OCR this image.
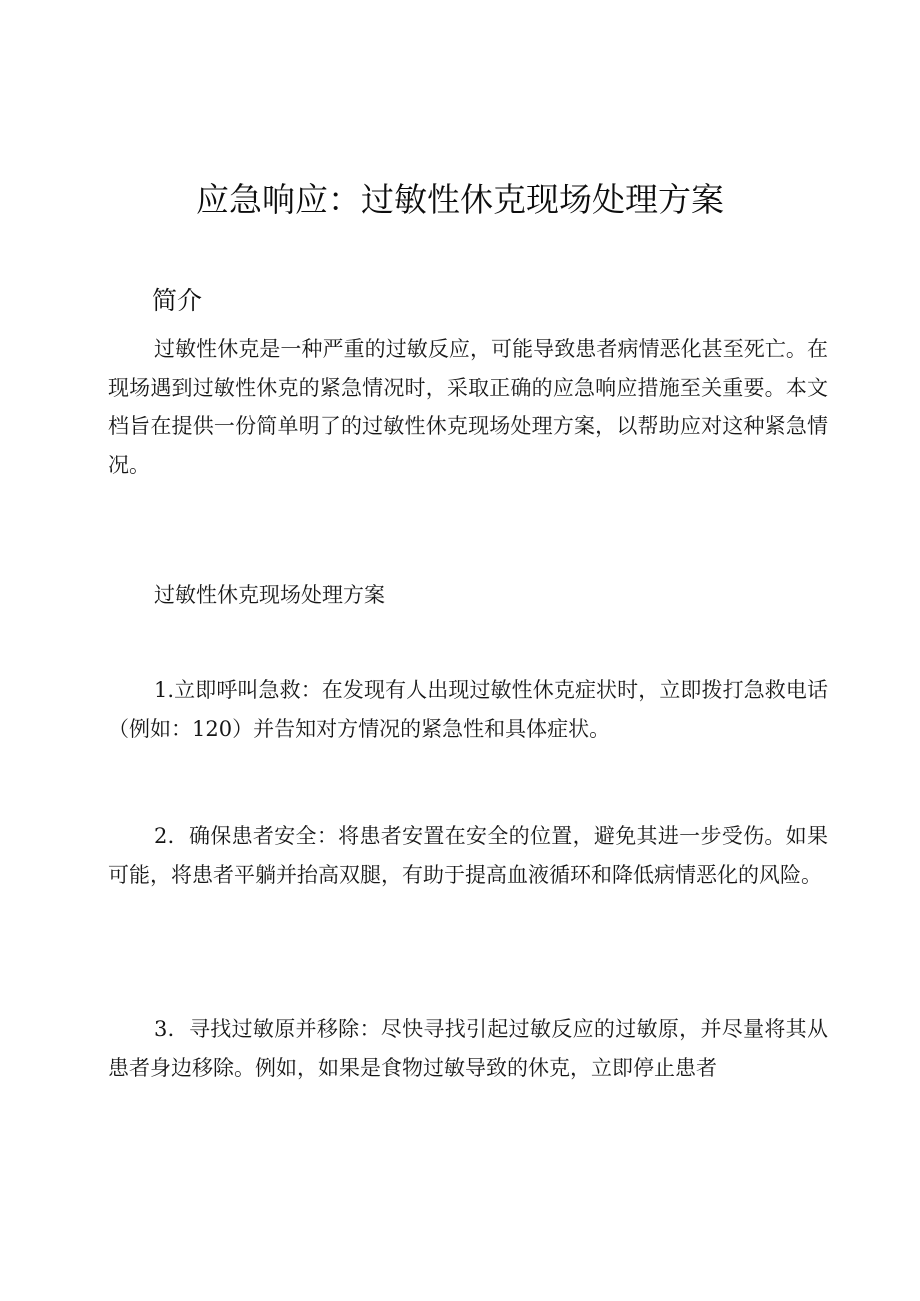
应急响应：过敏性休克现场处理方案
简介
过敏性休克是一种严重的过敏反应，可能导致患者病情恶化甚至死亡。在现场遇到过敏性休克的紧急情况时，采取正确的应急响应措施至关重要。本文档旨在提供一份简单明了的过敏性休克现场处理方案，以帮助应对这种紧急情况。
过敏性休克现场处理方案
1.立即呼叫急救：在发现有人出现过敏性休克症状时，立即拨打急救电话（例如：120）并告知对方情况的紧急性和具体症状。
2．确保患者安全：将患者安置在安全的位置，避免其进一步受伤。如果可能，将患者平躺并抬高双腿，有助于提高血液循环和降低病情恶化的风险。
3．寻找过敏原并移除：尽快寻找引起过敏反应的过敏原，并尽量将其从患者身边移除。例如，如果是食物过敏导致的休克，立即停止患者
